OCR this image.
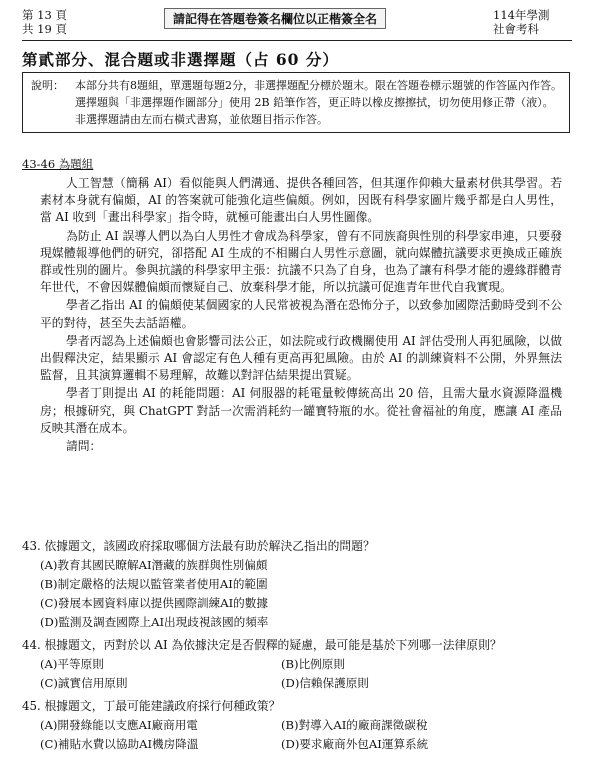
第 13 頁
共 19 頁
請記得在答題卷簽名欄位以正楷簽全名	114年學測
社會考科
第貳部分、混合題或非選擇題（占 60 分）
說明：	本部分共有8題組，單選題每題2分，非選擇題配分標於題末。限在答題卷標示題號的作答區內作答。
選擇題與「非選擇題作圖部分」使用 2B 鉛筆作答，更正時以橡皮擦擦拭，切勿使用修正帶（液）。非選擇題請由左而右橫式書寫，並依題目指示作答。
43-46 為題組
人工智慧（簡稱 AI）看似能與人們溝通、提供各種回答，但其運作仰賴大量素材供其學習。若素材本身就有偏頗，AI 的答案就可能強化這些偏頗。例如，因既有科學家圖片幾乎都是白人男性，當 AI 收到「畫出科學家」指令時，就極可能畫出白人男性圖像。
為防止 AI 誤導人們以為白人男性才會成為科學家，曾有不同族裔與性別的科學家串連，只要發現媒體報導他們的研究，卻搭配 AI 生成的不相關白人男性示意圖，就向媒體抗議要求更換成正確族群或性別的圖片。參與抗議的科學家甲主張：抗議不只為了自身，也為了讓有科學才能的邊緣群體青年世代，不會因媒體偏頗而懷疑自己、放棄科學才能，所以抗議可促進青年世代自我實現。
學者乙指出 AI 的偏頗使某個國家的人民常被視為潛在恐怖分子，以致參加國際活動時受到不公平的對待，甚至失去話語權。
學者丙認為上述偏頗也會影響司法公正，如法院或行政機關使用 AI 評估受刑人再犯風險，以做出假釋決定，結果顯示 AI 會認定有色人種有更高再犯風險。由於 AI 的訓練資料不公開，外界無法監督，且其演算邏輯不易理解，故難以對評估結果提出質疑。
學者丁則提出 AI 的耗能問題：AI 伺服器的耗電量較傳統高出 20 倍，且需大量水資源降溫機房；根據研究，與 ChatGPT 對話一次需消耗約一罐寶特瓶的水。從社會福祉的角度，應讓 AI 產品反映其潛在成本。
請問：
43. 依據題文，該國政府採取哪個方法最有助於解決乙指出的問題？
(A)教育其國民瞭解AI潛藏的族群與性別偏頗
(B)制定嚴格的法規以監管業者使用AI的範圍
(C)發展本國資料庫以提供國際訓練AI的數據
(D)監測及調查國際上AI出現歧視該國的頻率
44. 根據題文，丙對於以 AI 為依據決定是否假釋的疑慮，最可能是基於下列哪一法律原則？
(A)平等原則	(B)比例原則
(C)誠實信用原則	(D)信賴保護原則
45. 根據題文，丁最可能建議政府採行何種政策？
(A)開發綠能以支應AI廠商用電	(B)對導入AI的廠商課徵碳稅
(C)補貼水費以協助AI機房降溫	(D)要求廠商外包AI運算系統
